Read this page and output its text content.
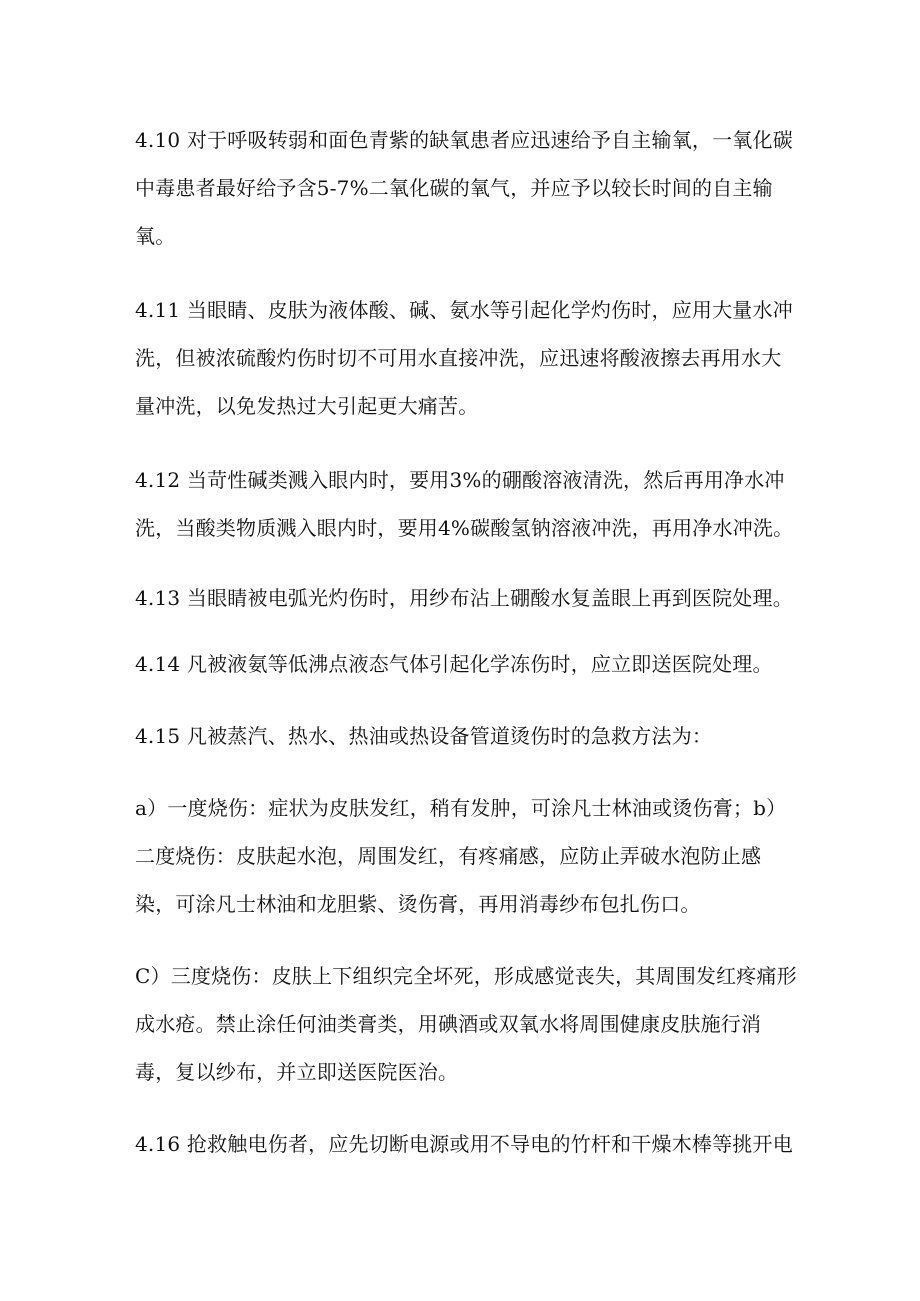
4.10 对于呼吸转弱和面色青紫的缺氧患者应迅速给予自主输氧，一氧化碳中毒患者最好给予含5-7%二氧化碳的氧气，并应予以较长时间的自主输氧。

4.11 当眼睛、皮肤为液体酸、碱、氨水等引起化学灼伤时，应用大量水冲洗，但被浓硫酸灼伤时切不可用水直接冲洗，应迅速将酸液擦去再用水大量冲洗，以免发热过大引起更大痛苦。

4.12 当苛性碱类溅入眼内时，要用3%的硼酸溶液清洗，然后再用净水冲洗，当酸类物质溅入眼内时，要用4%碳酸氢钠溶液冲洗，再用净水冲洗。

4.13 当眼睛被电弧光灼伤时，用纱布沾上硼酸水复盖眼上再到医院处理。

4.14 凡被液氨等低沸点液态气体引起化学冻伤时，应立即送医院处理。

4.15 凡被蒸汽、热水、热油或热设备管道烫伤时的急救方法为：

a）一度烧伤：症状为皮肤发红，稍有发肿，可涂凡士林油或烫伤膏；b）二度烧伤：皮肤起水泡，周围发红，有疼痛感，应防止弄破水泡防止感染，可涂凡士林油和龙胆紫、烫伤膏，再用消毒纱布包扎伤口。

C）三度烧伤：皮肤上下组织完全坏死，形成感觉丧失，其周围发红疼痛形成水疮。禁止涂任何油类膏类，用碘酒或双氧水将周围健康皮肤施行消毒，复以纱布，并立即送医院医治。

4.16 抢救触电伤者，应先切断电源或用不导电的竹杆和干燥木棒等挑开电
